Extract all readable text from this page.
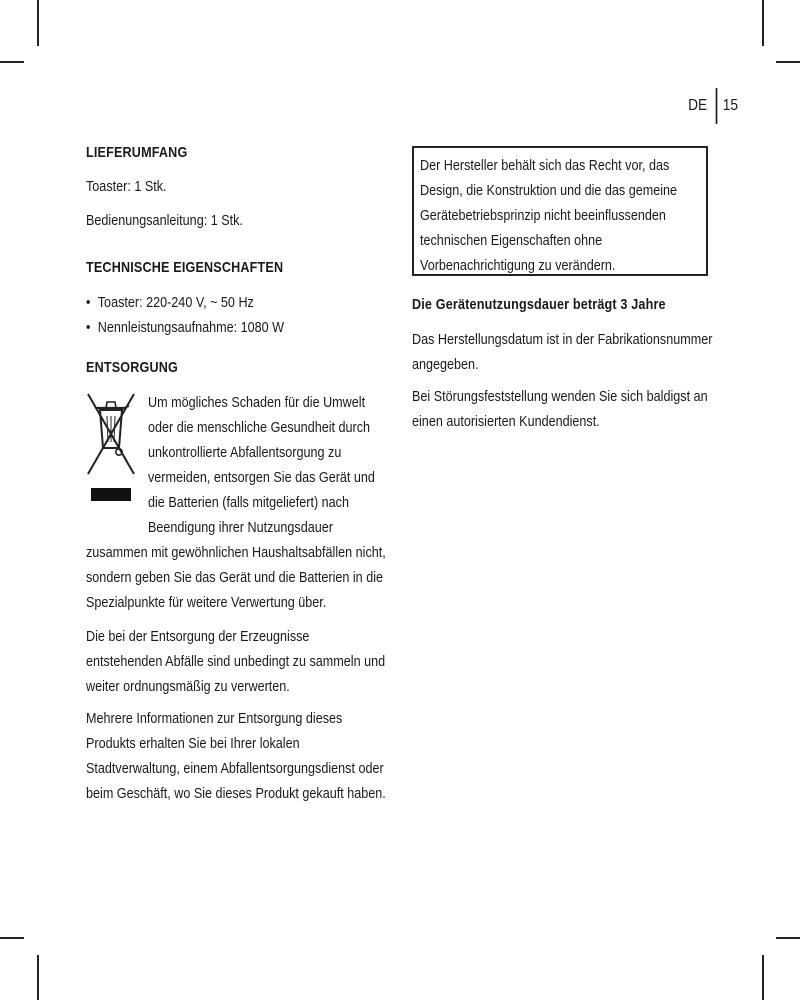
DE 15

LIEFERUMFANG

Toaster: 1 Stk.

Bedienungsanleitung: 1 Stk.

TECHNISCHE EIGENSCHAFTEN

• Toaster: 220-240 V, ~ 50 Hz
• Nennleistungsaufnahme: 1080 W

ENTSORGUNG

Um mögliches Schaden für die Umwelt oder die menschliche Gesundheit durch unkontrollierte Abfallentsorgung zu vermeiden, entsorgen Sie das Gerät und die Batterien (falls mitgeliefert) nach Beendigung ihrer Nutzungsdauer

zusammen mit gewöhnlichen Haushaltsabfällen nicht, sondern geben Sie das Gerät und die Batterien in die Spezialpunkte für weitere Verwertung über.

Die bei der Entsorgung der Erzeugnisse entstehenden Abfälle sind unbedingt zu sammeln und weiter ordnungsmäßig zu verwerten.

Mehrere Informationen zur Entsorgung dieses Produkts erhalten Sie bei Ihrer lokalen Stadtverwaltung, einem Abfallentsorgungsdienst oder beim Geschäft, wo Sie dieses Produkt gekauft haben.

Der Hersteller behält sich das Recht vor, das Design, die Konstruktion und die das gemeine Gerätebetriebsprinzip nicht beeinflussenden technischen Eigenschaften ohne Vorbenachrichtigung zu verändern.

Die Gerätenutzungsdauer beträgt 3 Jahre

Das Herstellungsdatum ist in der Fabrikationsnummer angegeben.

Bei Störungsfeststellung wenden Sie sich baldigst an einen autorisierten Kundendienst.
